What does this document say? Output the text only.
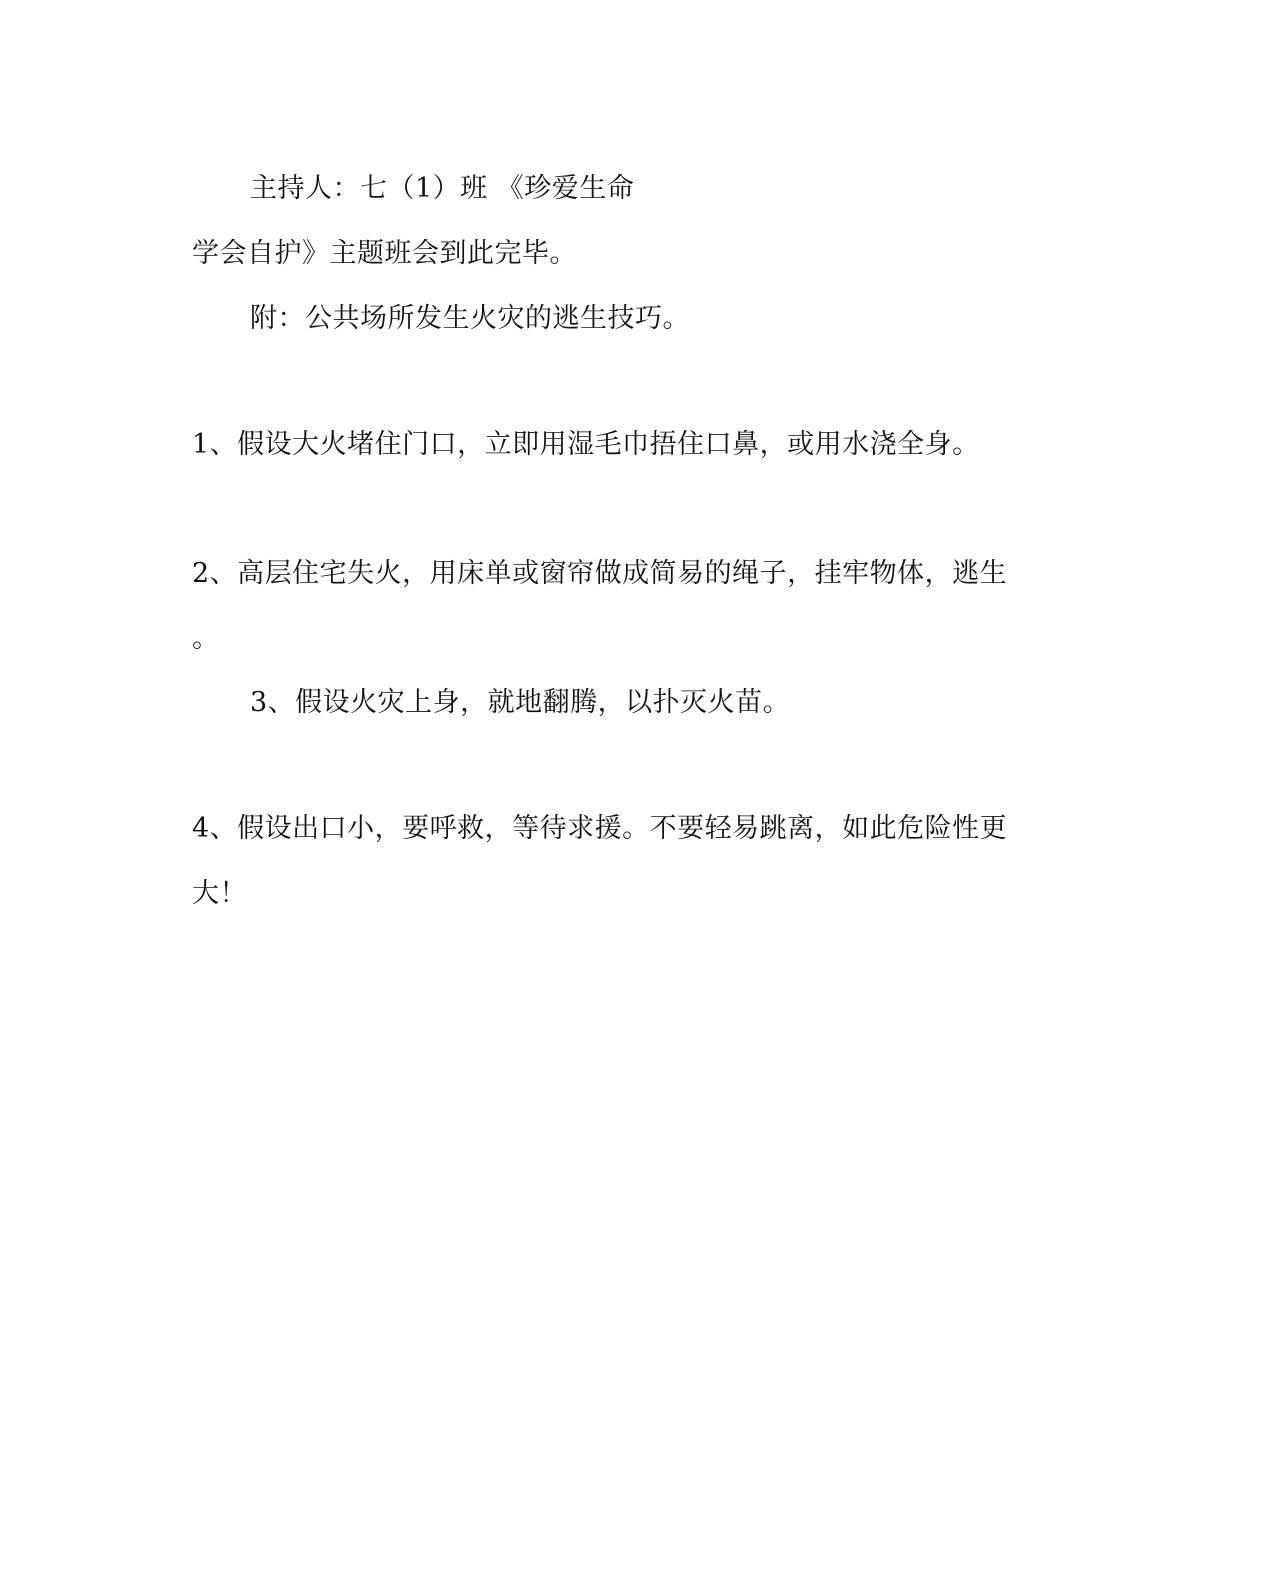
主持人：七（1）班 《珍爱生命
学会自护》主题班会到此完毕。
附：公共场所发生火灾的逃生技巧。
1、假设大火堵住门口，立即用湿毛巾捂住口鼻，或用水浇全身。
2、高层住宅失火，用床单或窗帘做成简易的绳子，挂牢物体，逃生
。
3、假设火灾上身，就地翻腾，以扑灭火苗。
4、假设出口小，要呼救，等待求援。不要轻易跳离，如此危险性更
大！
